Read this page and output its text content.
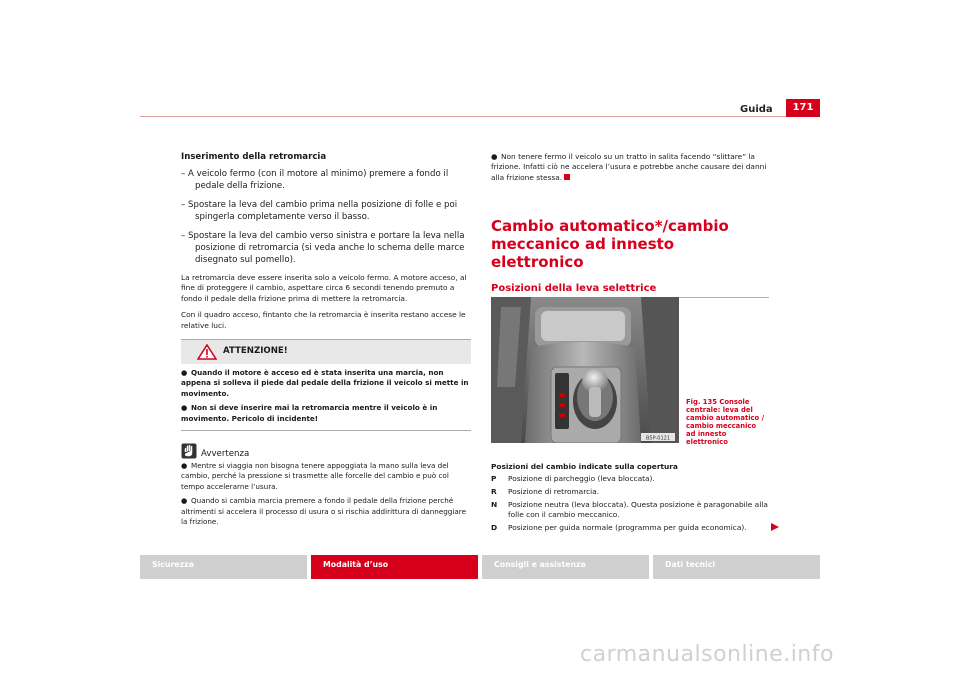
Guida	171

Inserimento della retromarcia

– A veicolo fermo (con il motore al minimo) premere a fondo il pedale della frizione.

– Spostare la leva del cambio prima nella posizione di folle e poi spingerla completamente verso il basso.

– Spostare la leva del cambio verso sinistra e portare la leva nella posizione di retromarcia (si veda anche lo schema delle marce disegnato sul pomello).

La retromarcia deve essere inserita solo a veicolo fermo. A motore acceso, al fine di proteggere il cambio, aspettare circa 6 secondi tenendo premuto a fondo il pedale della frizione prima di mettere la retromarcia.

Con il quadro acceso, fintanto che la retromarcia è inserita restano accese le relative luci.

ATTENZIONE!

● Quando il motore è acceso ed è stata inserita una marcia, non appena si solleva il piede dal pedale della frizione il veicolo si mette in movimento.

● Non si deve inserire mai la retromarcia mentre il veicolo è in movimento. Pericolo di incidente!

Avvertenza

● Mentre si viaggia non bisogna tenere appoggiata la mano sulla leva del cambio, perché la pressione si trasmette alle forcelle del cambio e può col tempo accelerarne l’usura.

● Quando si cambia marcia premere a fondo il pedale della frizione perché altrimenti si accelera il processo di usura o si rischia addirittura di danneggiare la frizione.

● Non tenere fermo il veicolo su un tratto in salita facendo “slittare” la frizione. Infatti ciò ne accelera l’usura e potrebbe anche causare dei danni alla frizione stessa.

Cambio automatico*/cambio meccanico ad innesto elettronico

Posizioni della leva selettrice

B5P-0121
Fig. 135 Console centrale: leva del cambio automatico / cambio meccanico ad innesto elettronico
Posizioni del cambio indicate sulla copertura
P Posizione di parcheggio (leva bloccata).
R Posizione di retromarcia.
N Posizione neutra (leva bloccata). Questa posizione è paragonabile alla folle con il cambio meccanico.
D Posizione per guida normale (programma per guida economica).
Sicurezza	Modalità d’uso	Consigli e assistenza	Dati tecnici
carmanualsonline.info
